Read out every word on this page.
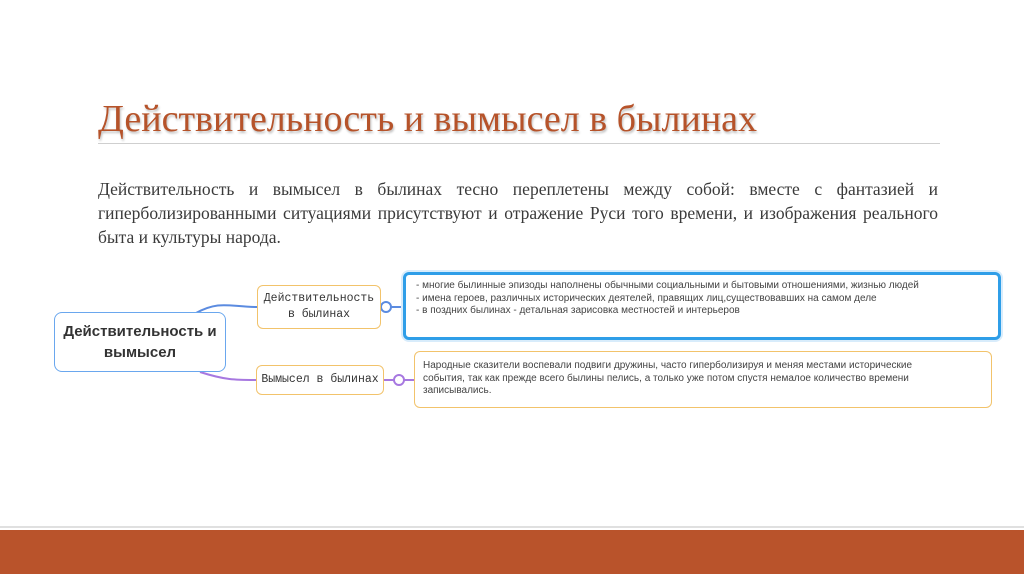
Действительность и вымысел в былинах
Действительность и вымысел в былинах тесно переплетены между собой: вместе с фантазией и гиперболизированными ситуациями присутствуют и отражение Руси того времени, и изображения реального быта и культуры народа.
Действительность и вымысел
Действительность в былинах
Вымысел в былинах
- многие былинные эпизоды наполнены обычными социальными и бытовыми отношениями, жизнью людей
- имена героев, различных исторических деятелей, правящих лиц,существовавших на самом деле
- в поздних былинах - детальная зарисовка местностей и интерьеров
Народные сказители воспевали подвиги дружины, часто гиперболизируя и меняя местами исторические
события, так как прежде всего былины пелись, а только уже потом спустя немалое количество времени
записывались.
